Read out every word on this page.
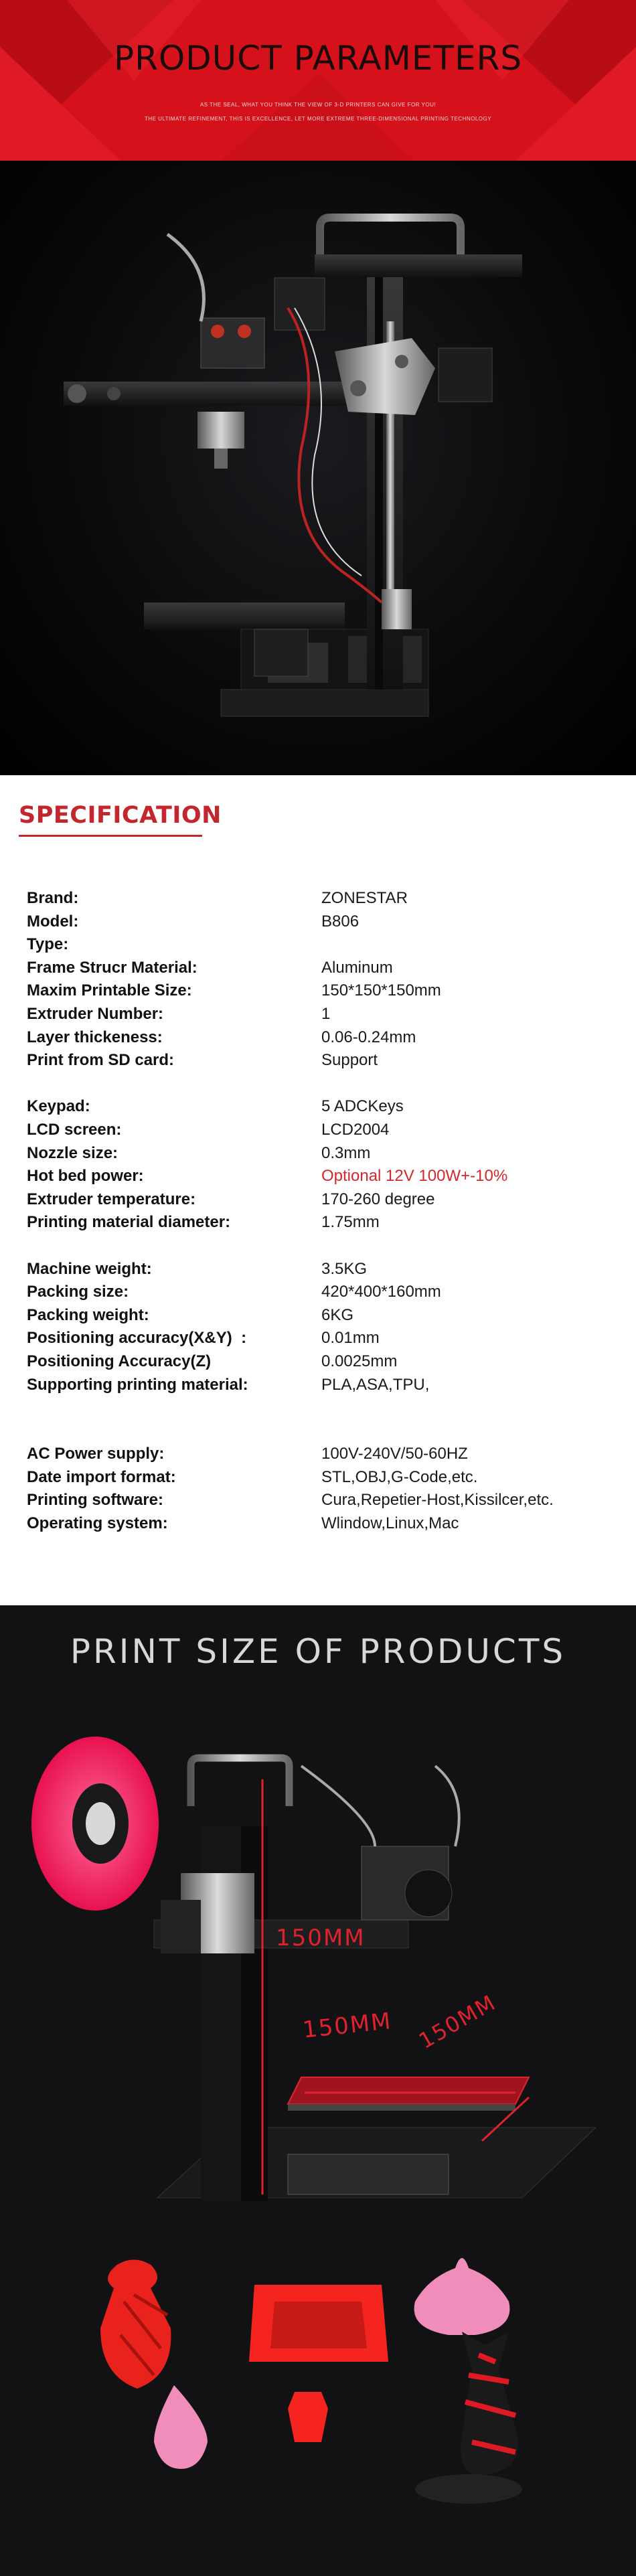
PRODUCT PARAMETERS
AS THE SEAL, WHAT YOU THINK THE VIEW OF 3-D PRINTERS CAN GIVE FOR YOU!
THE ULTIMATE REFINEMENT, THIS IS EXCELLENCE, LET MORE EXTREME THREE-DIMENSIONAL PRINTING TECHNOLOGY
SPECIFICATION
Brand:	ZONESTAR
Model:	B806
Type:
Frame Strucr Material:	Aluminum
Maxim Printable Size:	150*150*150mm
Extruder Number:	1
Layer thickeness:	0.06-0.24mm
Print from SD card:	Support
Keypad:	5 ADCKeys
LCD screen:	LCD2004
Nozzle size:	0.3mm
Hot bed power:	Optional 12V 100W+-10%
Extruder temperature:	170-260 degree
Printing material diameter:	1.75mm
Machine weight:	3.5KG
Packing size:	420*400*160mm
Packing weight:	6KG
Positioning accuracy(X&Y)  :	0.01mm
Positioning Accuracy(Z)	0.0025mm
Supporting printing material:	PLA,ASA,TPU,
AC Power supply:	100V-240V/50-60HZ
Date import format:	STL,OBJ,G-Code,etc.
Printing software:	Cura,Repetier-Host,Kissilcer,etc.
Operating system:	Wlindow,Linux,Mac
PRINT SIZE OF PRODUCTS
150MM
150MM 150MM
